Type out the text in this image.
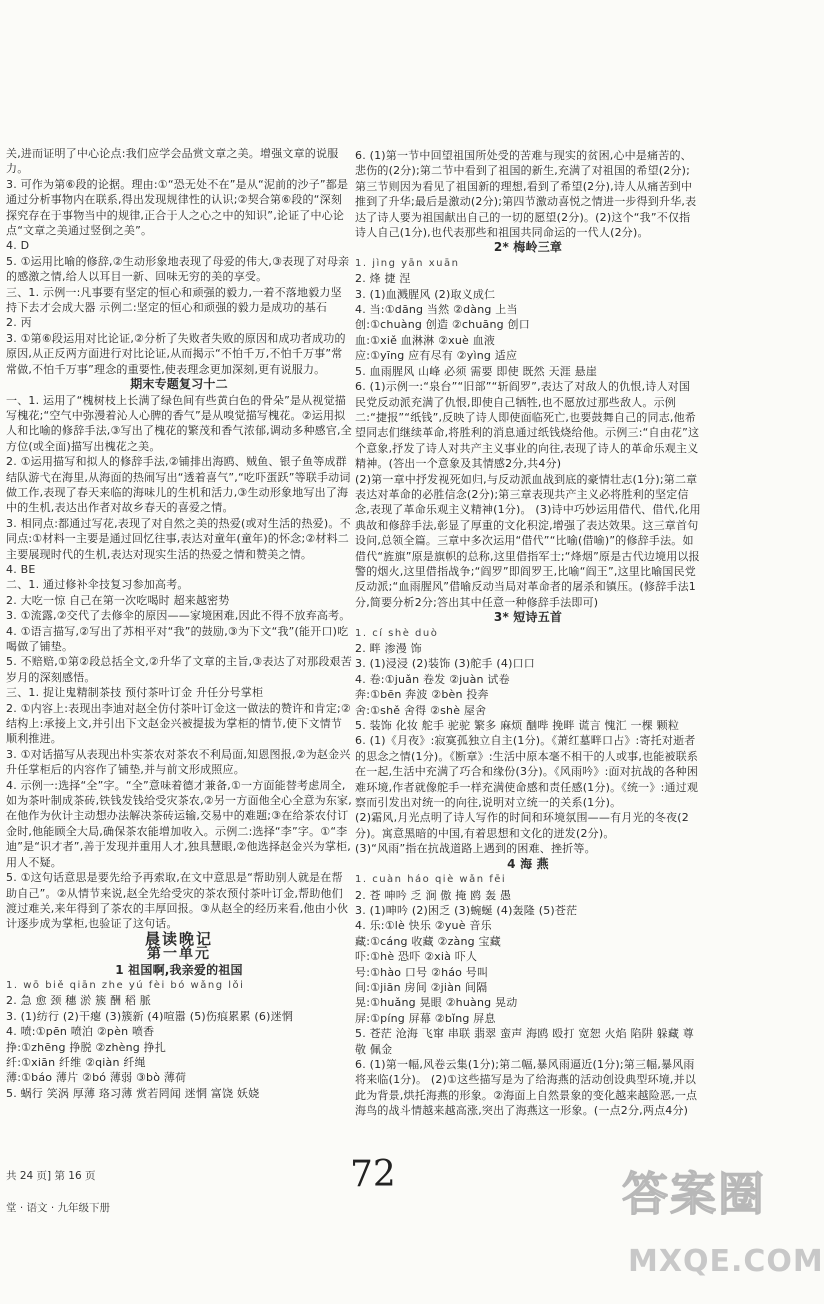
关,进而证明了中心论点:我们应学会品赏文章之美。增强文章的说服力。

3. 可作为第⑥段的论据。理由:①“恐无处不在”是从“泥前的沙子”都是通过分析事物内在联系,得出发现规律性的认识;②契合第⑥段的“深刻探究存在于事物当中的规律,正合于人之心之中的知识”,论证了中心论点“文章之美通过竖倒之美”。

4. D

5. ①运用比喻的修辞,②生动形象地表现了母爱的伟大,③表现了对母亲的感激之情,给人以耳目一新、回味无穷的美的享受。

三、1. 示例一:凡事要有坚定的恒心和顽强的毅力,一着不落地毅力坚持下去才会成大器 示例二:坚定的恒心和顽强的毅力是成功的基石

2. 丙

3. ①第⑥段运用对比论证,②分析了失败者失败的原因和成功者成功的原因,从正反两方面进行对比论证,从而揭示“不怕千万,不怕千万事”常常做,不怕千万事”理念的重要性,使表理念更加深刻,更有说服力。

期末专题复习十二

一、1. 运用了“槐树枝上长满了绿色间有些黄白色的骨朵”是从视觉描写槐花;“空气中弥漫着沁人心脾的香气”是从嗅觉描写槐花。②运用拟人和比喻的修辞手法,③写出了槐花的繁茂和香气浓郁,调动多种感官,全方位(或全面)描写出槐花之美。

2. ①运用描写和拟人的修辞手法,②铺排出海鸥、贼鱼、银子鱼等成群结队游弋在海里,从海面的热闹写出“透着喜气”,“吃吓蛋跃”等联手动词做工作,表现了春天来临的海味儿的生机和活力,③生动形象地写出了海中的生机,表达出作者对故乡春天的喜爱之情。

3. 相同点:都通过写花,表现了对自然之美的热爱(或对生活的热爱)。不同点:①材料一主要是通过回忆往事,表达对童年(童年)的怀念;②材料二主要展现时代的生机,表达对现实生活的热爱之情和赞美之情。

4. BE

二、1. 通过修补伞技复习参加高考。

2. 大吃一惊 自己在第一次吃喝时 超来越密势

3. ①流露,②交代了去修伞的原因——家境困难,因此不得不放弃高考。

4. ①语言描写,②写出了苏相平对“我”的鼓励,③为下文“我”(能开口)吃喝做了铺垫。

5. 不赔赔,①第②段总括全文,②升华了文章的主旨,③表达了对那段艰苦岁月的深刻感悟。

三、1. 捉让鬼精制茶技 预付茶叶订金 升任分号掌柜

2. ①内容上:表现出李迪对赵全仿付茶叶订金这一做法的赞许和肯定;②结构上:承接上文,并引出下文赵金兴被提拔为掌柜的情节,使下文情节顺利推进。

3. ①对话描写从表现出朴实茶农对茶农不利局面,知恩图报,②为赵金兴升任掌柜后的内容作了铺垫,并与前文形成照应。

4. 示例一:选择“全”字。“全”意味着德才兼备,①一方面能替考虑周全,如为茶叶制成茶砖,铁钱发钱给受灾茶农,②另一方面他全心全意为东家,在他作为伙计主动想办法解决茶砖运输,交易中的难题;③在给茶农付订金时,他能顾全大局,确保茶农能增加收入。示例二:选择“李”字。①“李迪”是“识才者”,善于发现并重用人才,独具慧眼,②他选择赵金兴为掌柜,用人不疑。

5. ①这句话意思是要先给予再索取,在文中意思是“帮助别人就是在帮助自己”。②从情节来说,赵全先给受灾的茶农预付茶叶订金,帮助他们渡过难关,来年得到了茶农的丰厚回报。③从赵全的经历来看,他由小伙计逐步成为掌柜,也验证了这句话。

晨读晚记

第一单元

1 祖国啊,我亲爱的祖国

1. wō biě qiān zhe yú fèi bó wǎng lǒi

2. 急 愈 颈 穗 淤 簇 酬 稻 脈

3. (1)纺行 (2)干瘪 (3)簇新 (4)喧嚣 (5)伤痕累累 (6)迷惘

4. 喷:①pēn 喷泊 ②pèn 喷香

挣:①zhēng 挣脱 ②zhèng 挣扎

纤:①xiān 纤维 ②qiàn 纤绳

薄:①báo 薄片 ②bó 薄弱 ③bò 薄荷

5. 蜗行 笑涡 厚薄 珞习薄 赏若罔闻 迷惘 富饶 妖娆

6. (1)第一节中回望祖国所处受的苦难与现实的贫困,心中是痛苦的、悲伤的(2分);第二节中看到了祖国的新生,充满了对祖国的希望(2分);第三节则因为看见了祖国新的理想,看到了希望(2分),诗人从痛苦到中推到了升华;最后是激动(2分);第四节激动喜悦之情进一步得到升华,表达了诗人要为祖国献出自己的一切的愿望(2分)。(2)这个“我”不仅指诗人自己(1分),也代表那些和祖国共同命运的一代人(2分)。

2* 梅岭三章

1. jìng yān xuān

2. 烽 捷 涅

3. (1)血溅腥风 (2)取义成仁

4. 当:①dāng 当然 ②dàng 上当

创:①chuàng 创造 ②chuāng 创口

血:①xiě 血淋淋 ②xuè 血液

应:①yīng 应有尽有 ②yìng 适应

5. 血雨腥风 山峰 必须 需要 即使 既然 天涯 悬崖

6. (1)示例一:“泉台”“旧部”“斩阎罗”,表达了对敌人的仇恨,诗人对国民党反动派充满了仇恨,即使自己牺牲,也不愿放过那些敌人。示例二:“捷报”“纸钱”,反映了诗人即使面临死亡,也要鼓舞自己的同志,他希望同志们继续革命,将胜利的消息通过纸钱烧给他。示例三:“自由花”这个意象,抒发了诗人对共产主义事业的向往,表现了诗人的革命乐观主义精神。(答出一个意象及其情感2分,共4分)

(2)第一章中抒发视死如归,与反动派血战到底的豪情壮志(1分);第二章表达对革命的必胜信念(2分);第三章表现共产主义必将胜利的坚定信念,表现了革命乐观主义精神(1分)。 (3)诗中巧妙运用借代、借代,化用典故和修辞手法,彰显了厚重的文化积淀,增强了表达效果。这三章首句设问,总领全篇。三章中多次运用“借代”“比喻(借喻)”的修辞手法。如借代“旌旗”原是旗帜的总称,这里借指军士;“烽烟”原是古代边境用以报警的烟火,这里借指战争;“阎罗”即阎罗王,比喻“阎王”,这里比喻国民党反动派;“血雨腥风”借喻反动当局对革命者的屠杀和镇压。(修辞手法1分,简要分析2分;答出其中任意一种修辞手法即可)

3* 短诗五首

1. cí shè duò

2. 畔 渗漫 饰

3. (1)浸浸 (2)装饰 (3)舵手 (4)口口

4. 卷:①juǎn 卷发 ②juàn 试卷

奔:①bēn 奔波 ②bèn 投奔

舍:①shě 舍得 ②shè 屋舍

5. 装饰 化妆 舵手 驼驼 繁多 麻烦 酗哔 挽畔 谎言 愧汇 一棵 颗粒

6. (1)《月夜》:寂寞孤独立自主(1分)。《萧红墓畔口占》:寄托对逝者的思念之情(1分)。《断章》:生活中原本毫不相干的人或事,也能被联系在一起,生活中充满了巧合和缘份(3分)。《风雨吟》:面对抗战的各种困难环境,作者就像舵手一样充满使命感和责任感(1分)。《统一》:通过观察而引发出对统一的向往,说明对立统一的关系(1分)。

(2)霜风,月光点明了诗人写作的时间和环境氛围——有月光的冬夜(2分)。寓意黑暗的中国,有着思想和文化的迸发(2分)。

(3)“风雨”指在抗战道路上遇到的困难、挫折等。

4 海 燕

1. cuàn háo qiè wǎn fēi

2. 苍 呻吟 乏 涧 傲 掩 鸥 轰 愚

3. (1)呻吟 (2)困乏 (3)蜿蜒 (4)轰隆 (5)苍茫

4. 乐:①lè 快乐 ②yuè 音乐

藏:①cáng 收藏 ②zàng 宝藏

吓:①hè 恐吓 ②xià 吓人

号:①hào 口号 ②háo 号叫

间:①jiān 房间 ②jiàn 间隔

晃:①huǎng 晃眼 ②huàng 晃动

屏:①píng 屏幕 ②bǐng 屏息

5. 苍茫 沧海 飞窜 串联 翡翠 蛮声 海鸥 殴打 宽恕 火焰 陷阱 躲藏 尊敬 佩金

6. (1)第一幅,风卷云集(1分);第二幅,暴风雨逼近(1分);第三幅,暴风雨将来临(1分)。 (2)①这些描写是为了给海燕的活动创设典型环境,并以此为背景,烘托海燕的形象。②海面上自然景象的变化越来越险恶,一点海鸟的战斗情越来越高涨,突出了海燕这一形象。(一点2分,两点4分)

共 24 页] 第 16 页
堂 · 语文 · 九年级下册
72	答案圈
MXQE.COM
